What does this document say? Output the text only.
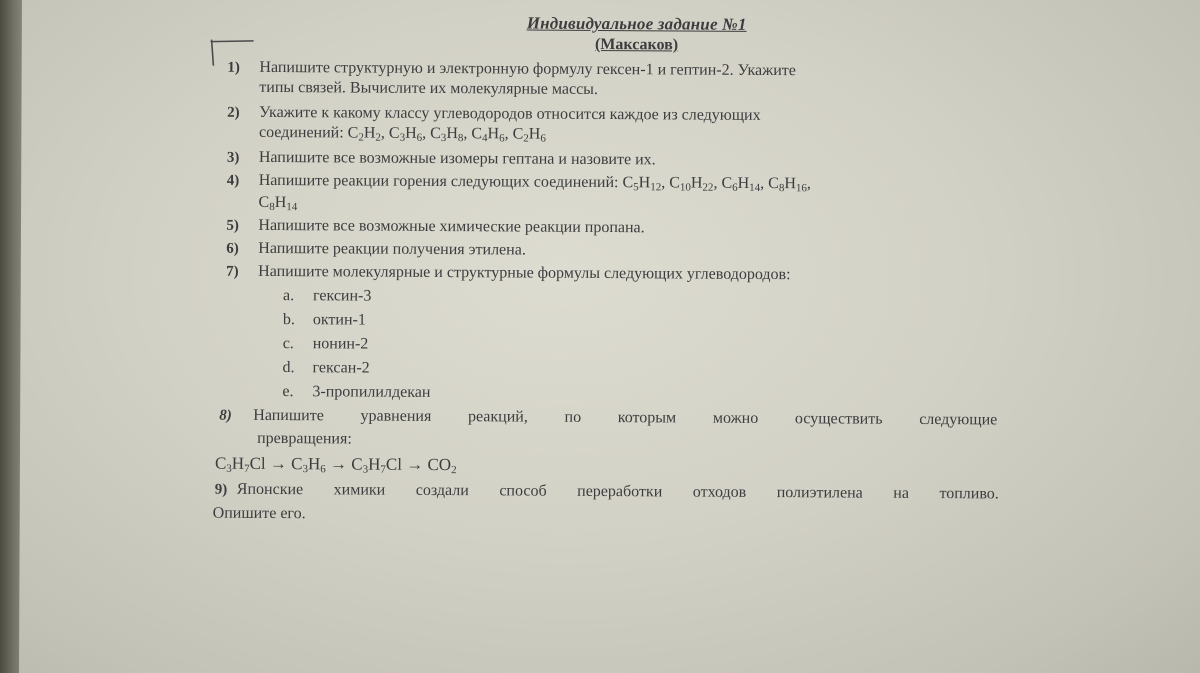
Индивидуальное задание №1
(Максаков)
1) Напишите структурную и электронную формулу гексен-1 и гептин-2. Укажите
типы связей. Вычислите их молекулярные массы.
2) Укажите к какому классу углеводородов относится каждое из следующих
соединений: $C_2H_2$, $C_3H_6$, $C_3H_8$, $C_4H_6$, $C_2H_6$
3) Напишите все возможные изомеры гептана и назовите их.
4) Напишите реакции горения следующих соединений: $C_5H_{12}$, $C_{10}H_{22}$, $C_6H_{14}$, $C_8H_{16}$,
$C_8H_{14}$
5) Напишите все возможные химические реакции пропана.
6) Напишите реакции получения этилена.
7) Напишите молекулярные и структурные формулы следующих углеводородов:
a. гексин-3
b. октин-1
c. нонин-2
d. гексан-2
e. 3-пропилилдекан
8) Напишите уравнения реакций, по которым можно осуществить следующие
превращения:
$C_3H_7Cl \to C_3H_6 \to C_3H_7Cl \to CO_2$
9) Японские химики создали способ переработки отходов полиэтилена на топливо.
Опишите его.
